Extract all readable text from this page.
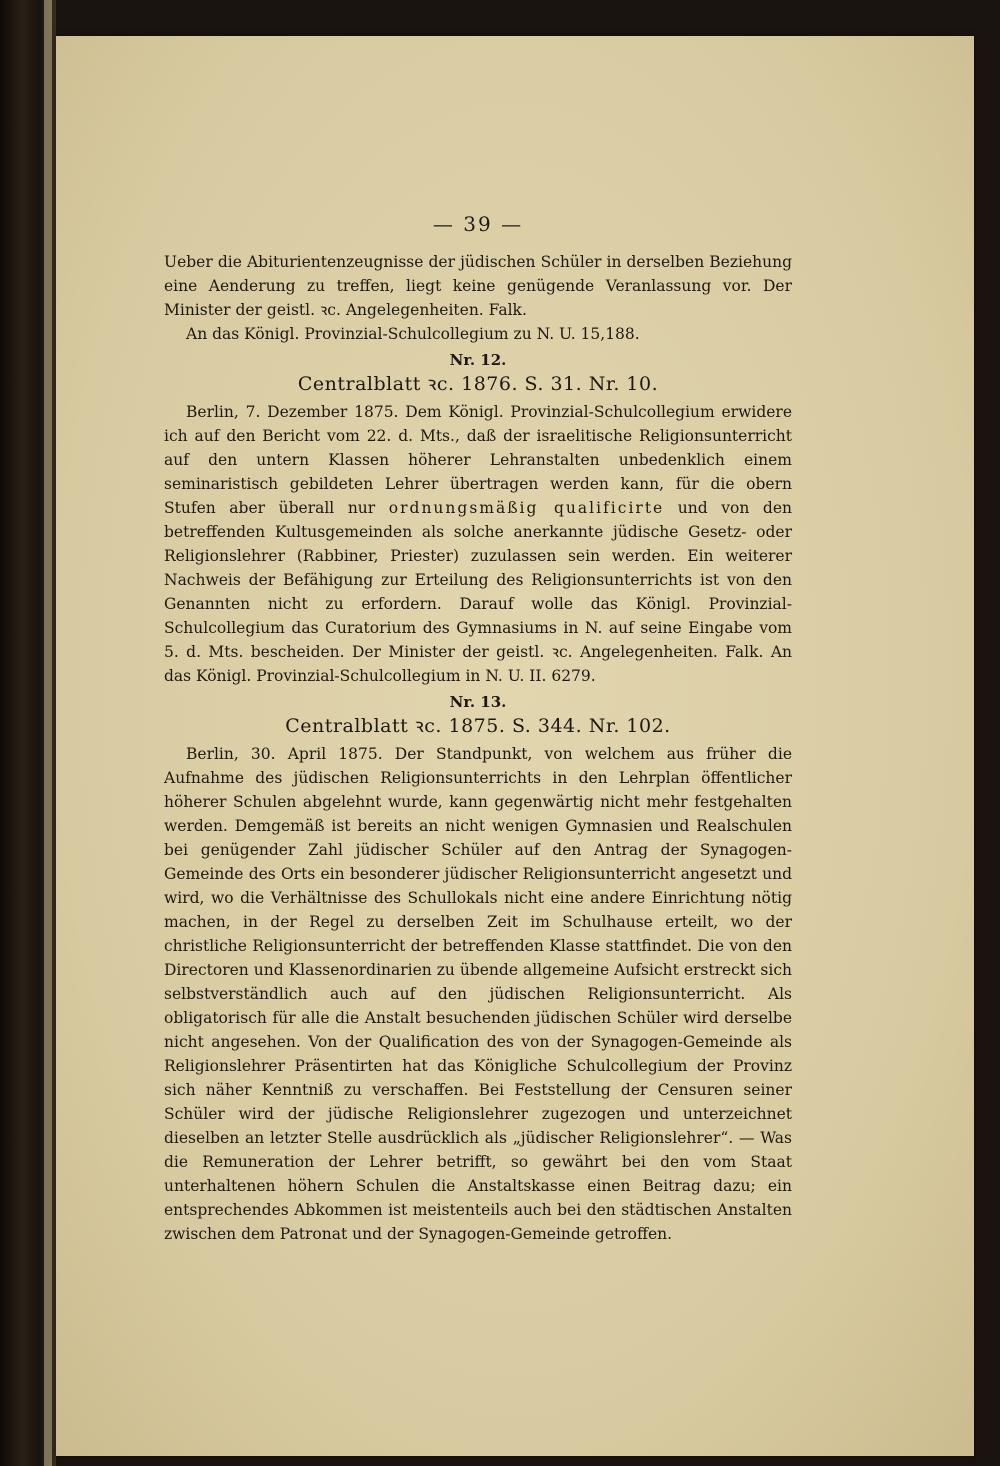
— 39 —

Ueber die Abiturientenzeugnisse der jüdischen Schüler in derselben Beziehung eine Aenderung zu treffen, liegt keine genügende Veranlassung vor. Der Minister der geistl. ꝛc. Angelegenheiten. Falk.

An das Königl. Provinzial-Schulcollegium zu N. U. 15,188.

Nr. 12.
Centralblatt ꝛc. 1876. S. 31. Nr. 10.

Berlin, 7. Dezember 1875. Dem Königl. Provinzial-Schulcollegium erwidere ich auf den Bericht vom 22. d. Mts., daß der israelitische Religionsunterricht auf den untern Klassen höherer Lehranstalten unbedenklich einem seminaristisch gebildeten Lehrer übertragen werden kann, für die obern Stufen aber überall nur ordnungsmäßig qualificirte und von den betreffenden Kultusgemeinden als solche anerkannte jüdische Gesetz- oder Religionslehrer (Rabbiner, Priester) zuzulassen sein werden. Ein weiterer Nachweis der Befähigung zur Erteilung des Religionsunterrichts ist von den Genannten nicht zu erfordern. Darauf wolle das Königl. Provinzial-Schulcollegium das Curatorium des Gymnasiums in N. auf seine Eingabe vom 5. d. Mts. bescheiden. Der Minister der geistl. ꝛc. Angelegenheiten. Falk. An das Königl. Provinzial-Schulcollegium in N. U. II. 6279.

Nr. 13.
Centralblatt ꝛc. 1875. S. 344. Nr. 102.

Berlin, 30. April 1875. Der Standpunkt, von welchem aus früher die Aufnahme des jüdischen Religionsunterrichts in den Lehrplan öffentlicher höherer Schulen abgelehnt wurde, kann gegenwärtig nicht mehr festgehalten werden. Demgemäß ist bereits an nicht wenigen Gymnasien und Realschulen bei genügender Zahl jüdischer Schüler auf den Antrag der Synagogen-Gemeinde des Orts ein besonderer jüdischer Religionsunterricht angesetzt und wird, wo die Verhältnisse des Schullokals nicht eine andere Einrichtung nötig machen, in der Regel zu derselben Zeit im Schulhause erteilt, wo der christliche Religionsunterricht der betreffenden Klasse stattfindet. Die von den Directoren und Klassenordinarien zu übende allgemeine Aufsicht erstreckt sich selbstverständlich auch auf den jüdischen Religionsunterricht. Als obligatorisch für alle die Anstalt besuchenden jüdischen Schüler wird derselbe nicht angesehen. Von der Qualification des von der Synagogen-Gemeinde als Religionslehrer Präsentirten hat das Königliche Schulcollegium der Provinz sich näher Kenntniß zu verschaffen. Bei Feststellung der Censuren seiner Schüler wird der jüdische Religionslehrer zugezogen und unterzeichnet dieselben an letzter Stelle ausdrücklich als „jüdischer Religionslehrer“. — Was die Remuneration der Lehrer betrifft, so gewährt bei den vom Staat unterhaltenen höhern Schulen die Anstaltskasse einen Beitrag dazu; ein entsprechendes Abkommen ist meistenteils auch bei den städtischen Anstalten zwischen dem Patronat und der Synagogen-Gemeinde getroffen.
